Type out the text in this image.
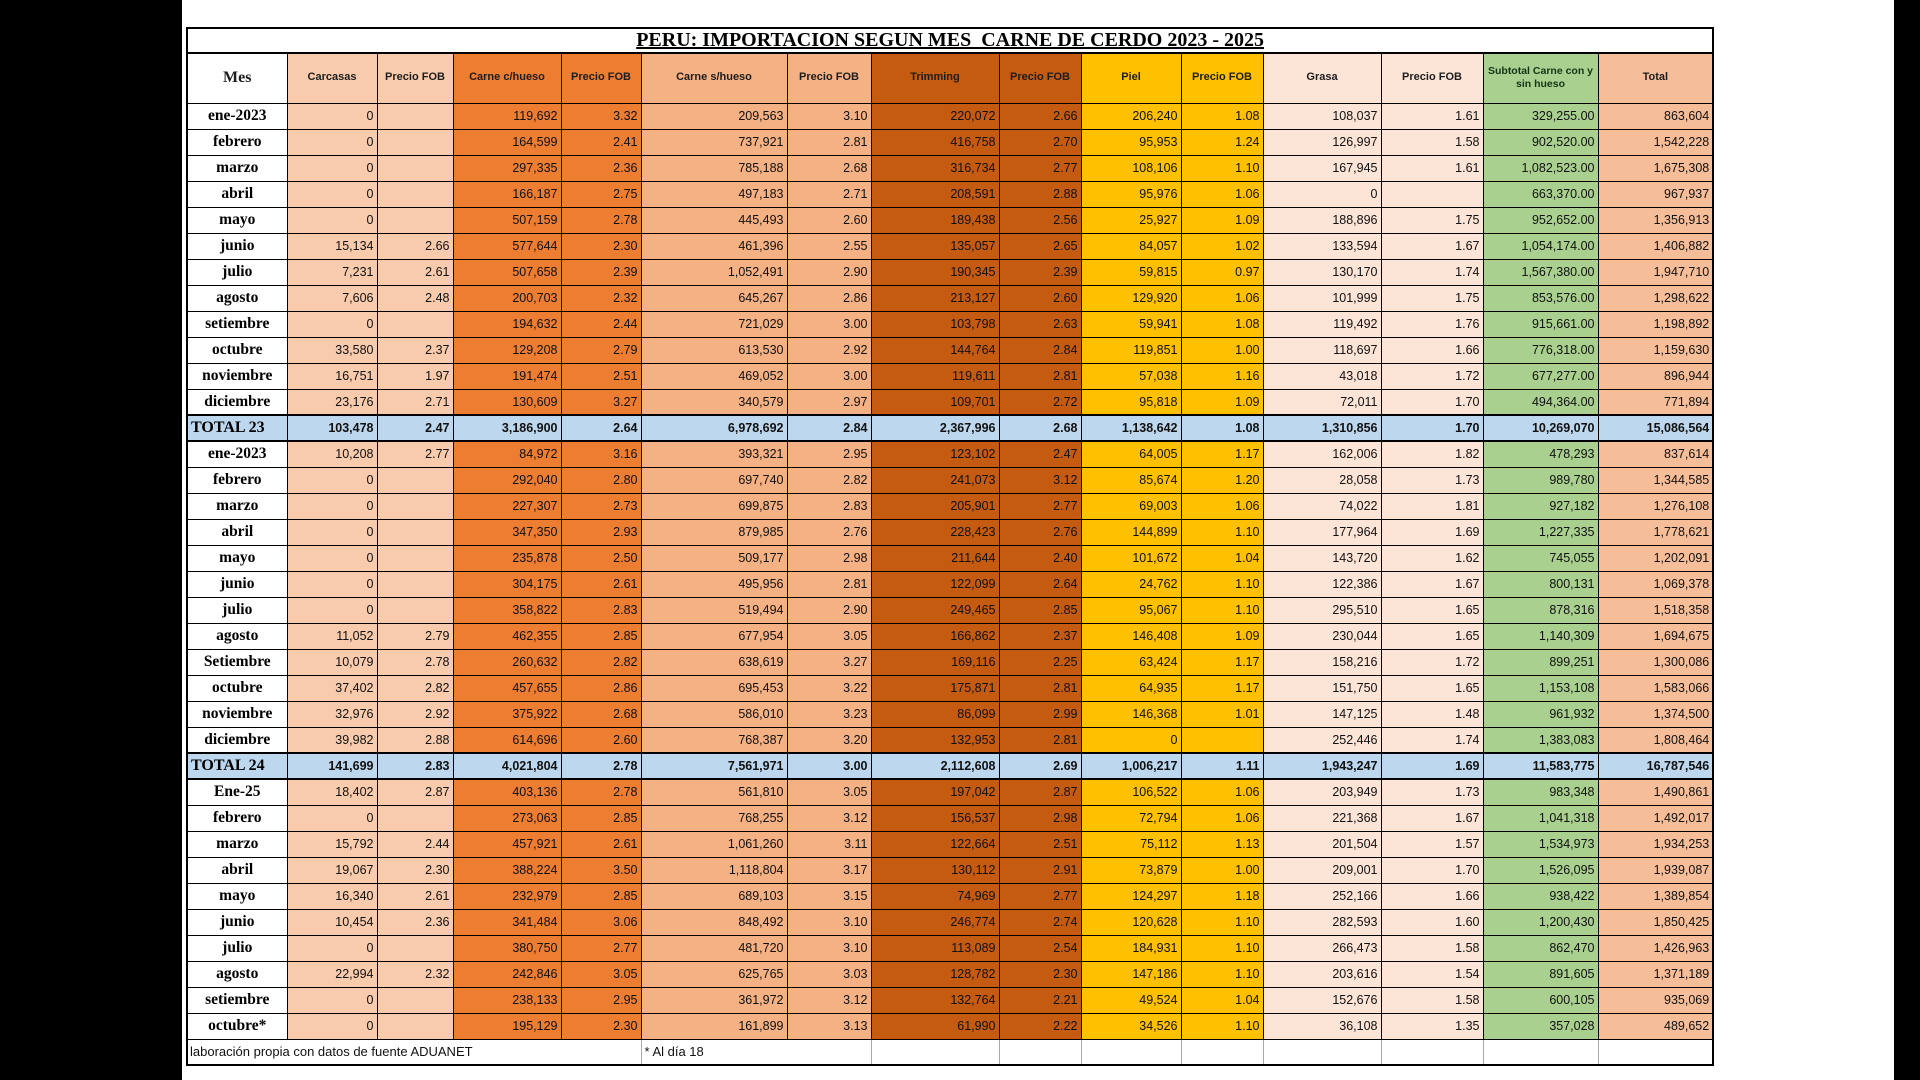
PERU: IMPORTACION SEGUN MES  CARNE DE CERDO 2023 - 2025														
Mes	Carcasas	Precio FOB	Carne c/hueso	Precio FOB	Carne s/hueso	Precio FOB	Trimming	Precio FOB	Piel	Precio FOB	Grasa	Precio FOB	Subtotal Carne con y sin hueso	Total
ene-2023	0		119,692	3.32	209,563	3.10	220,072	2.66	206,240	1.08	108,037	1.61	329,255.00	863,604
febrero	0		164,599	2.41	737,921	2.81	416,758	2.70	95,953	1.24	126,997	1.58	902,520.00	1,542,228
marzo	0		297,335	2.36	785,188	2.68	316,734	2.77	108,106	1.10	167,945	1.61	1,082,523.00	1,675,308
abril	0		166,187	2.75	497,183	2.71	208,591	2.88	95,976	1.06	0		663,370.00	967,937
mayo	0		507,159	2.78	445,493	2.60	189,438	2.56	25,927	1.09	188,896	1.75	952,652.00	1,356,913
junio	15,134	2.66	577,644	2.30	461,396	2.55	135,057	2.65	84,057	1.02	133,594	1.67	1,054,174.00	1,406,882
julio	7,231	2.61	507,658	2.39	1,052,491	2.90	190,345	2.39	59,815	0.97	130,170	1.74	1,567,380.00	1,947,710
agosto	7,606	2.48	200,703	2.32	645,267	2.86	213,127	2.60	129,920	1.06	101,999	1.75	853,576.00	1,298,622
setiembre	0		194,632	2.44	721,029	3.00	103,798	2.63	59,941	1.08	119,492	1.76	915,661.00	1,198,892
octubre	33,580	2.37	129,208	2.79	613,530	2.92	144,764	2.84	119,851	1.00	118,697	1.66	776,318.00	1,159,630
noviembre	16,751	1.97	191,474	2.51	469,052	3.00	119,611	2.81	57,038	1.16	43,018	1.72	677,277.00	896,944
diciembre	23,176	2.71	130,609	3.27	340,579	2.97	109,701	2.72	95,818	1.09	72,011	1.70	494,364.00	771,894
TOTAL 23	103,478	2.47	3,186,900	2.64	6,978,692	2.84	2,367,996	2.68	1,138,642	1.08	1,310,856	1.70	10,269,070	15,086,564
ene-2023	10,208	2.77	84,972	3.16	393,321	2.95	123,102	2.47	64,005	1.17	162,006	1.82	478,293	837,614
febrero	0		292,040	2.80	697,740	2.82	241,073	3.12	85,674	1.20	28,058	1.73	989,780	1,344,585
marzo	0		227,307	2.73	699,875	2.83	205,901	2.77	69,003	1.06	74,022	1.81	927,182	1,276,108
abril	0		347,350	2.93	879,985	2.76	228,423	2.76	144,899	1.10	177,964	1.69	1,227,335	1,778,621
mayo	0		235,878	2.50	509,177	2.98	211,644	2.40	101,672	1.04	143,720	1.62	745,055	1,202,091
junio	0		304,175	2.61	495,956	2.81	122,099	2.64	24,762	1.10	122,386	1.67	800,131	1,069,378
julio	0		358,822	2.83	519,494	2.90	249,465	2.85	95,067	1.10	295,510	1.65	878,316	1,518,358
agosto	11,052	2.79	462,355	2.85	677,954	3.05	166,862	2.37	146,408	1.09	230,044	1.65	1,140,309	1,694,675
Setiembre	10,079	2.78	260,632	2.82	638,619	3.27	169,116	2.25	63,424	1.17	158,216	1.72	899,251	1,300,086
octubre	37,402	2.82	457,655	2.86	695,453	3.22	175,871	2.81	64,935	1.17	151,750	1.65	1,153,108	1,583,066
noviembre	32,976	2.92	375,922	2.68	586,010	3.23	86,099	2.99	146,368	1.01	147,125	1.48	961,932	1,374,500
diciembre	39,982	2.88	614,696	2.60	768,387	3.20	132,953	2.81	0		252,446	1.74	1,383,083	1,808,464
TOTAL 24	141,699	2.83	4,021,804	2.78	7,561,971	3.00	2,112,608	2.69	1,006,217	1.11	1,943,247	1.69	11,583,775	16,787,546
Ene-25	18,402	2.87	403,136	2.78	561,810	3.05	197,042	2.87	106,522	1.06	203,949	1.73	983,348	1,490,861
febrero	0		273,063	2.85	768,255	3.12	156,537	2.98	72,794	1.06	221,368	1.67	1,041,318	1,492,017
marzo	15,792	2.44	457,921	2.61	1,061,260	3.11	122,664	2.51	75,112	1.13	201,504	1.57	1,534,973	1,934,253
abril	19,067	2.30	388,224	3.50	1,118,804	3.17	130,112	2.91	73,879	1.00	209,001	1.70	1,526,095	1,939,087
mayo	16,340	2.61	232,979	2.85	689,103	3.15	74,969	2.77	124,297	1.18	252,166	1.66	938,422	1,389,854
junio	10,454	2.36	341,484	3.06	848,492	3.10	246,774	2.74	120,628	1.10	282,593	1.60	1,200,430	1,850,425
julio	0		380,750	2.77	481,720	3.10	113,089	2.54	184,931	1.10	266,473	1.58	862,470	1,426,963
agosto	22,994	2.32	242,846	3.05	625,765	3.03	128,782	2.30	147,186	1.10	203,616	1.54	891,605	1,371,189
setiembre	0		238,133	2.95	361,972	3.12	132,764	2.21	49,524	1.04	152,676	1.58	600,105	935,069
octubre*	0		195,129	2.30	161,899	3.13	61,990	2.22	34,526	1.10	36,108	1.35	357,028	489,652
laboración propia con datos de fuente ADUANET					* Al día 18									
